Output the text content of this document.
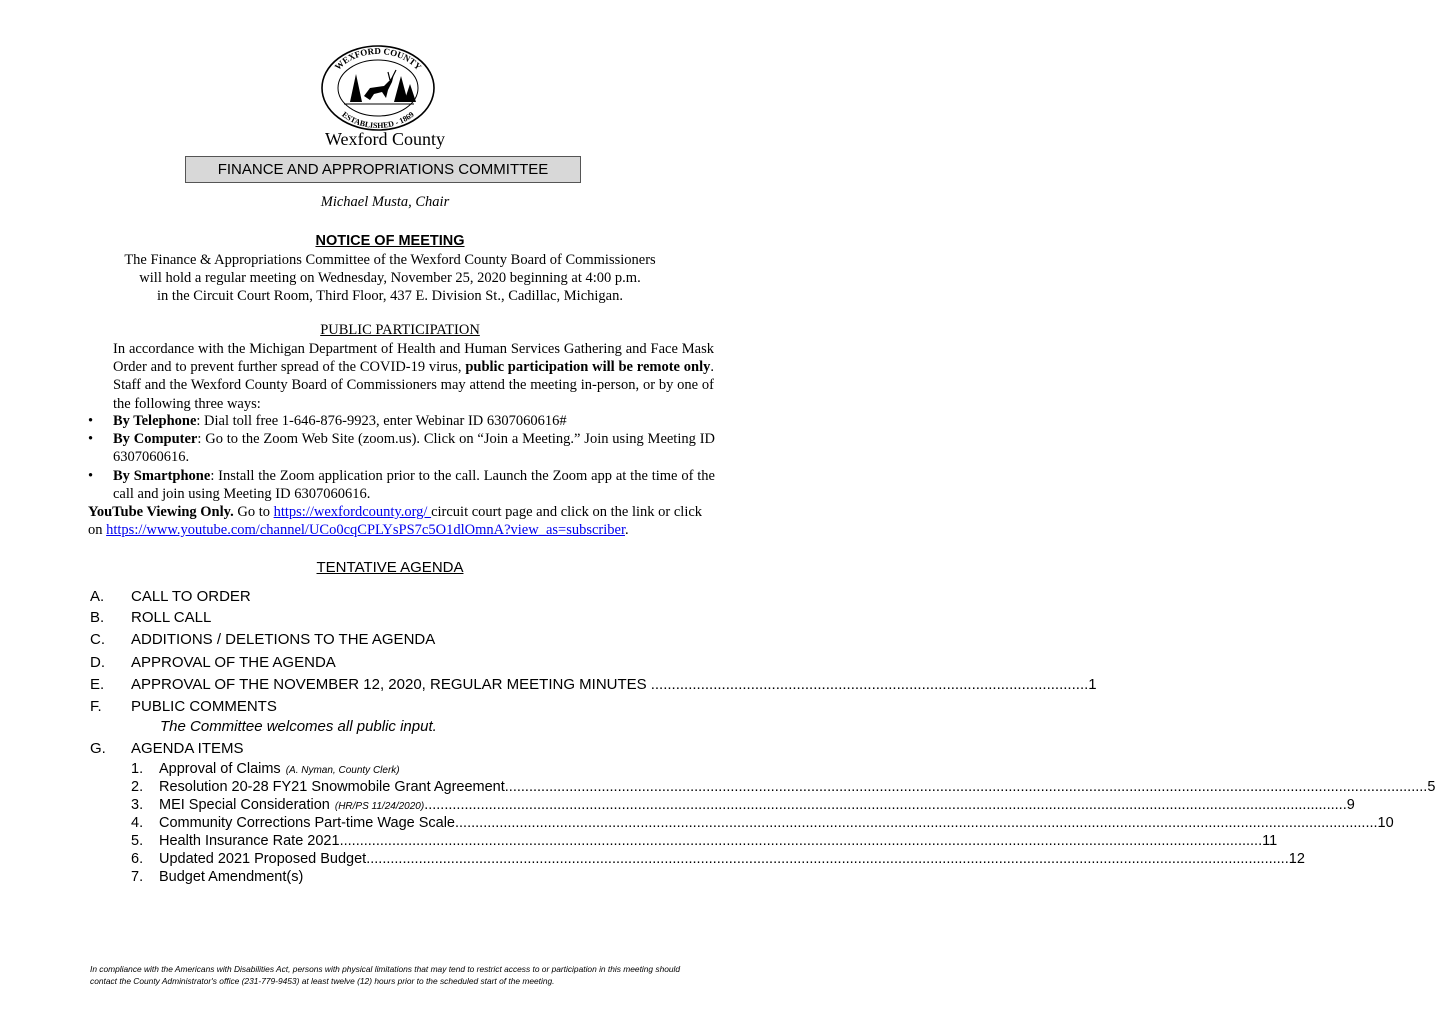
WEXFORD COUNTY
ESTABLISHED - 1869
Wexford County
FINANCE AND APPROPRIATIONS COMMITTEE
Michael Musta, Chair
NOTICE OF MEETING
The Finance & Appropriations Committee of the Wexford County Board of Commissioners
will hold a regular meeting on Wednesday, November 25, 2020 beginning at 4:00 p.m.
in the Circuit Court Room, Third Floor, 437 E. Division St., Cadillac, Michigan.
PUBLIC PARTICIPATION

In accordance with the Michigan Department of Health and Human Services Gathering and Face Mask Order and to prevent further spread of the COVID-19 virus, public participation will be remote only. Staff and the Wexford County Board of Commissioners may attend the meeting in-person, or by one of the following three ways:

•	By Telephone: Dial toll free 1-646-876-9923, enter Webinar ID 6307060616#
•	By Computer: Go to the Zoom Web Site (zoom.us). Click on “Join a Meeting.” Join using Meeting ID 6307060616.
•	By Smartphone: Install the Zoom application prior to the call. Launch the Zoom app at the time of the call and join using Meeting ID 6307060616.
YouTube Viewing Only. Go to https://wexfordcounty.org/ circuit court page and click on the link or click on https://www.youtube.com/channel/UCo0cqCPLYsPS7c5O1dlOmnA?view_as=subscriber.
TENTATIVE AGENDA
A. CALL TO ORDER
B. ROLL CALL
C. ADDITIONS / DELETIONS TO THE AGENDA
D. APPROVAL OF THE AGENDA
E. APPROVAL OF THE NOVEMBER 12, 2020, REGULAR MEETING MINUTES ......................................................................................................... 1
F. PUBLIC COMMENTS
The Committee welcomes all public input.
G. AGENDA ITEMS
1.	Approval of Claims (A. Nyman, County Clerk)
2.	Resolution 20-28 FY21 Snowmobile Grant Agreement .....	5
3.	MEI Special Consideration (HR/PS 11/24/2020) .....	9
4.	Community Corrections Part-time Wage Scale .....	10
5.	Health Insurance Rate 2021 .....	11
6.	Updated 2021 Proposed Budget .....	12
7.	Budget Amendment(s)
In compliance with the Americans with Disabilities Act, persons with physical limitations that may tend to restrict access to or participation in this meeting should contact the County Administrator's office (231-779-9453) at least twelve (12) hours prior to the scheduled start of the meeting.
